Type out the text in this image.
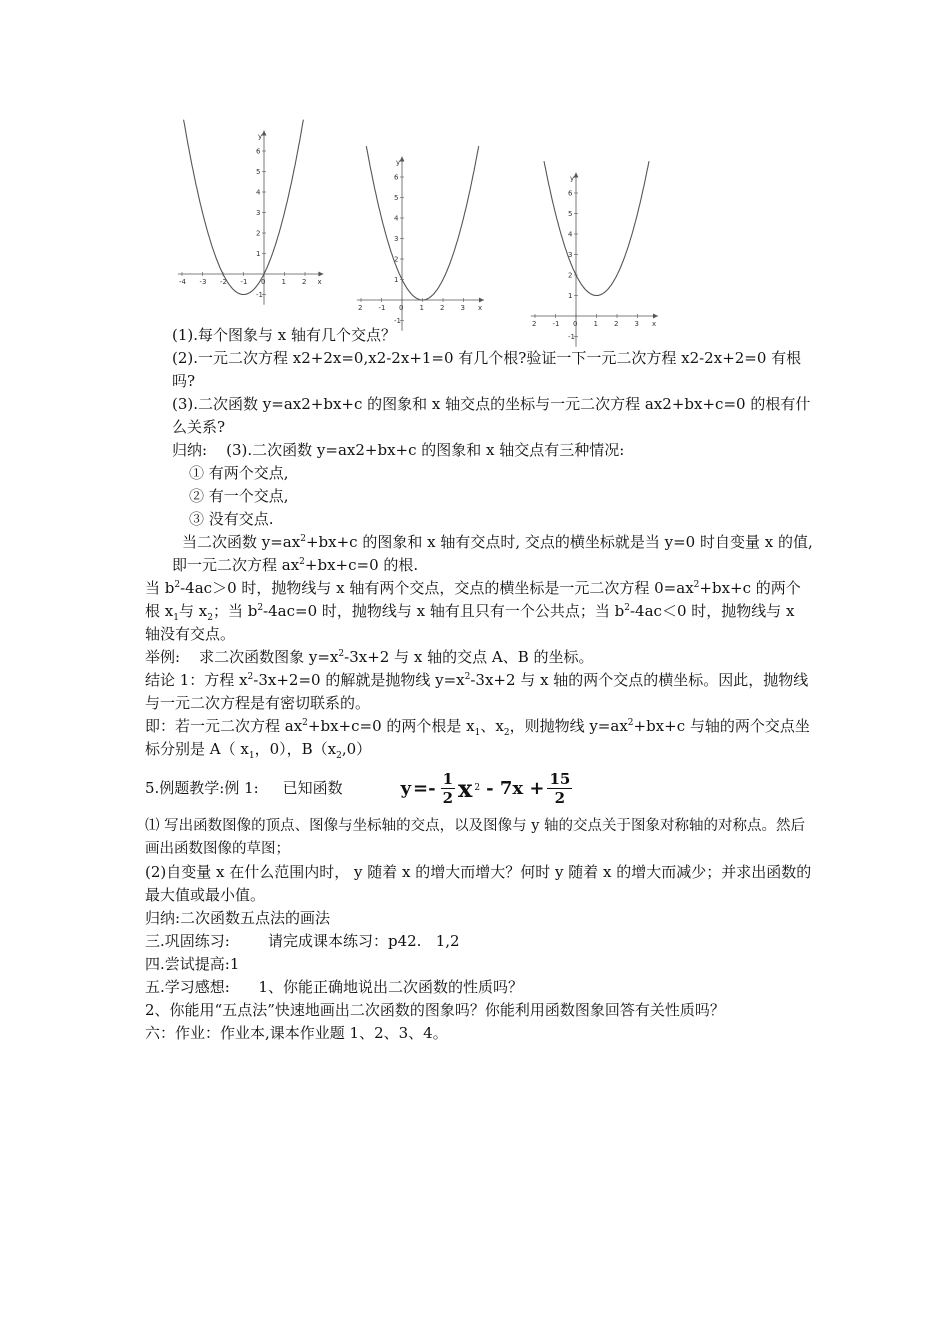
y
x
6
5
4
3
2
1
-1
-4 -3 -2 -1 0 1 2
y
x
6
5
4
3
2
1
-1
2 -1 0 1 2 3
y
x
6
5
4
3
2
1
-1
2 -1 0 1 2 3

(1).每个图象与 x 轴有几个交点？

(2).一元二次方程 x2+2x=0,x2-2x+1=0 有几个根?验证一下一元二次方程 x2-2x+2=0 有根吗?

(3).二次函数 y=ax2+bx+c 的图象和 x 轴交点的坐标与一元二次方程 ax2+bx+c=0 的根有什么关系?

归纳:    (3).二次函数 y=ax2+bx+c 的图象和 x 轴交点有三种情况:

① 有两个交点,

② 有一个交点,

③ 没有交点.

当二次函数 $y=ax^2+bx+c$ 的图象和 x 轴有交点时, 交点的横坐标就是当 y=0 时自变量 x 的值,即一元二次方程 $ax^2+bx+c=0$ 的根.

当 $b^2-4ac>0$ 时，抛物线与 x 轴有两个交点，交点的横坐标是一元二次方程 $0=ax^2+bx+c$ 的两个根 $x_1$与 $x_2$；当 $b^2-4ac=0$ 时，抛物线与 x 轴有且只有一个公共点；当 $b^2-4ac<0$ 时，抛物线与 x 轴没有交点。

举例:    求二次函数图象 $y=x^2-3x+2$ 与 x 轴的交点 A、B 的坐标。

结论 1：方程 $x^2-3x+2=0$ 的解就是抛物线 $y=x^2-3x+2$ 与 x 轴的两个交点的横坐标。因此，抛物线与一元二次方程是有密切联系的。

即：若一元二次方程 $ax^2+bx+c=0$ 的两个根是 $x_1$、$x_2$，则抛物线 $y=ax^2+bx+c$ 与轴的两个交点坐标分别是 A（ $x_1$，0），$B(x_2,0)$

5.例题教学:例 1:     已知函数	$y =- \frac{1}{2}$ x $2 - 7x + \frac{15}{2}$

⑴ 写出函数图像的顶点、图像与坐标轴的交点，以及图像与 y 轴的交点关于图象对称轴的对称点。然后画出函数图像的草图；

(2)自变量 x 在什么范围内时， y 随着 x 的增大而增大？何时 y 随着 x 的增大而减少；并求出函数的最大值或最小值。

归纳:二次函数五点法的画法

三.巩固练习:        请完成课本练习：p42.   1,2

四.尝试提高:1

五.学习感想:      1、你能正确地说出二次函数的性质吗？

2、你能用“五点法”快速地画出二次函数的图象吗？你能利用函数图象回答有关性质吗？

六：作业：作业本,课本作业题 1、2、3、4。
